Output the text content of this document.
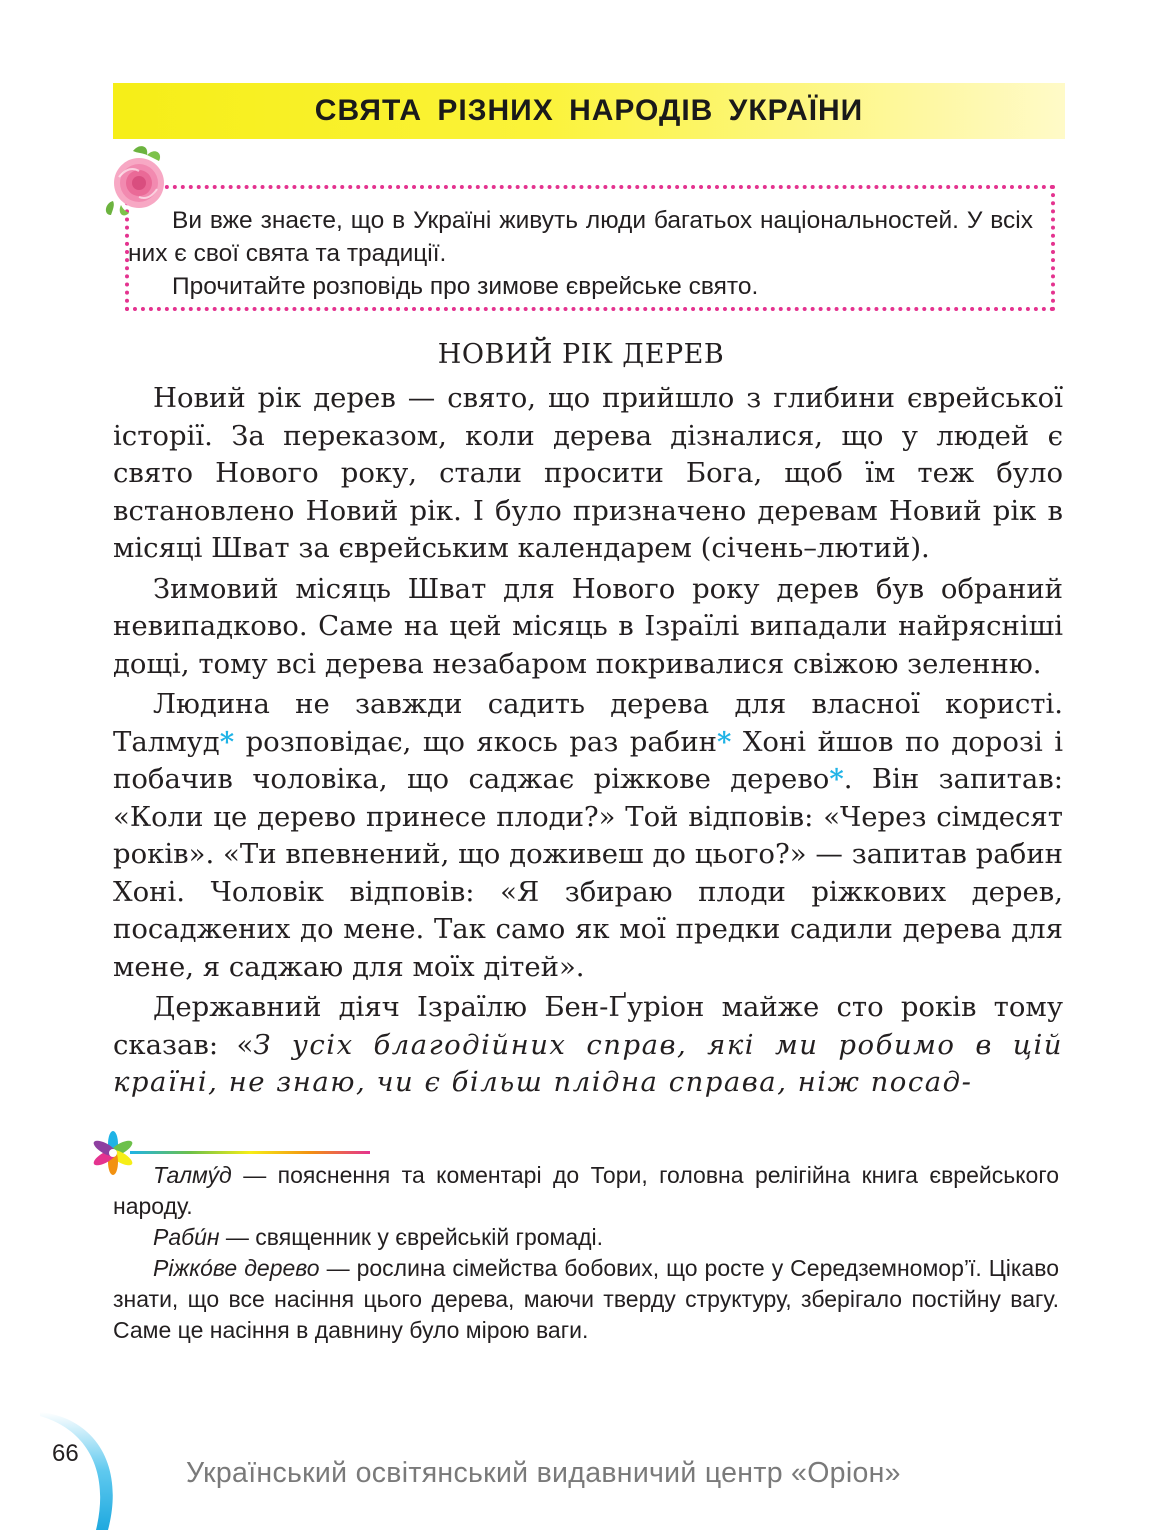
СВЯТА РІЗНИХ НАРОДІВ УКРАЇНИ

Ви вже знаєте, що в Україні живуть люди багатьох національностей. У всіх них є свої свята та традиції.

Прочитайте розповідь про зимове єврейське свято.

НОВИЙ РІК ДЕРЕВ

Новий рік дерев — свято, що прийшло з глибини єврейської історії. За переказом, коли дерева дізналися, що у людей є свято Нового року, стали просити Бога, щоб їм теж було встановлено Новий рік. І було призначено деревам Новий рік в місяці Шват за єврейським календарем (січень–лютий).

Зимовий місяць Шват для Нового року дерев був обраний невипадково. Саме на цей місяць в Ізраїлі випадали найрясніші дощі, тому всі дерева незабаром покривалися свіжою зеленню.

Людина не завжди садить дерева для власної користі. Талмуд* розповідає, що якось раз рабин* Хоні йшов по дорозі і побачив чоловіка, що саджає ріжкове дерево*. Він запитав: «Коли це дерево принесе плоди?» Той відповів: «Через сімдесят років». «Ти впевнений, що доживеш до цього?» — запитав рабин Хоні. Чоловік відповів: «Я збираю плоди ріжкових дерев, посаджених до мене. Так само як мої предки садили дерева для мене, я саджаю для моїх дітей».

Державний діяч Ізраїлю Бен-Ґуріон майже сто років тому сказав: «З усіх благодійних справ, які ми робимо в цій країні, не знаю, чи є більш плідна справа, ніж посад-

Талму́д — пояснення та коментарі до Тори, головна релігійна книга єврейського народу.

Раби́н — священник у єврейській громаді.

Ріжко́ве дерево — рослина сімейства бобових, що росте у Середземномор’ї. Цікаво знати, що все насіння цього дерева, маючи тверду структуру, зберігало постійну вагу. Саме це насіння в давнину було мірою ваги.

66
Український освітянський видавничий центр «Оріон»
